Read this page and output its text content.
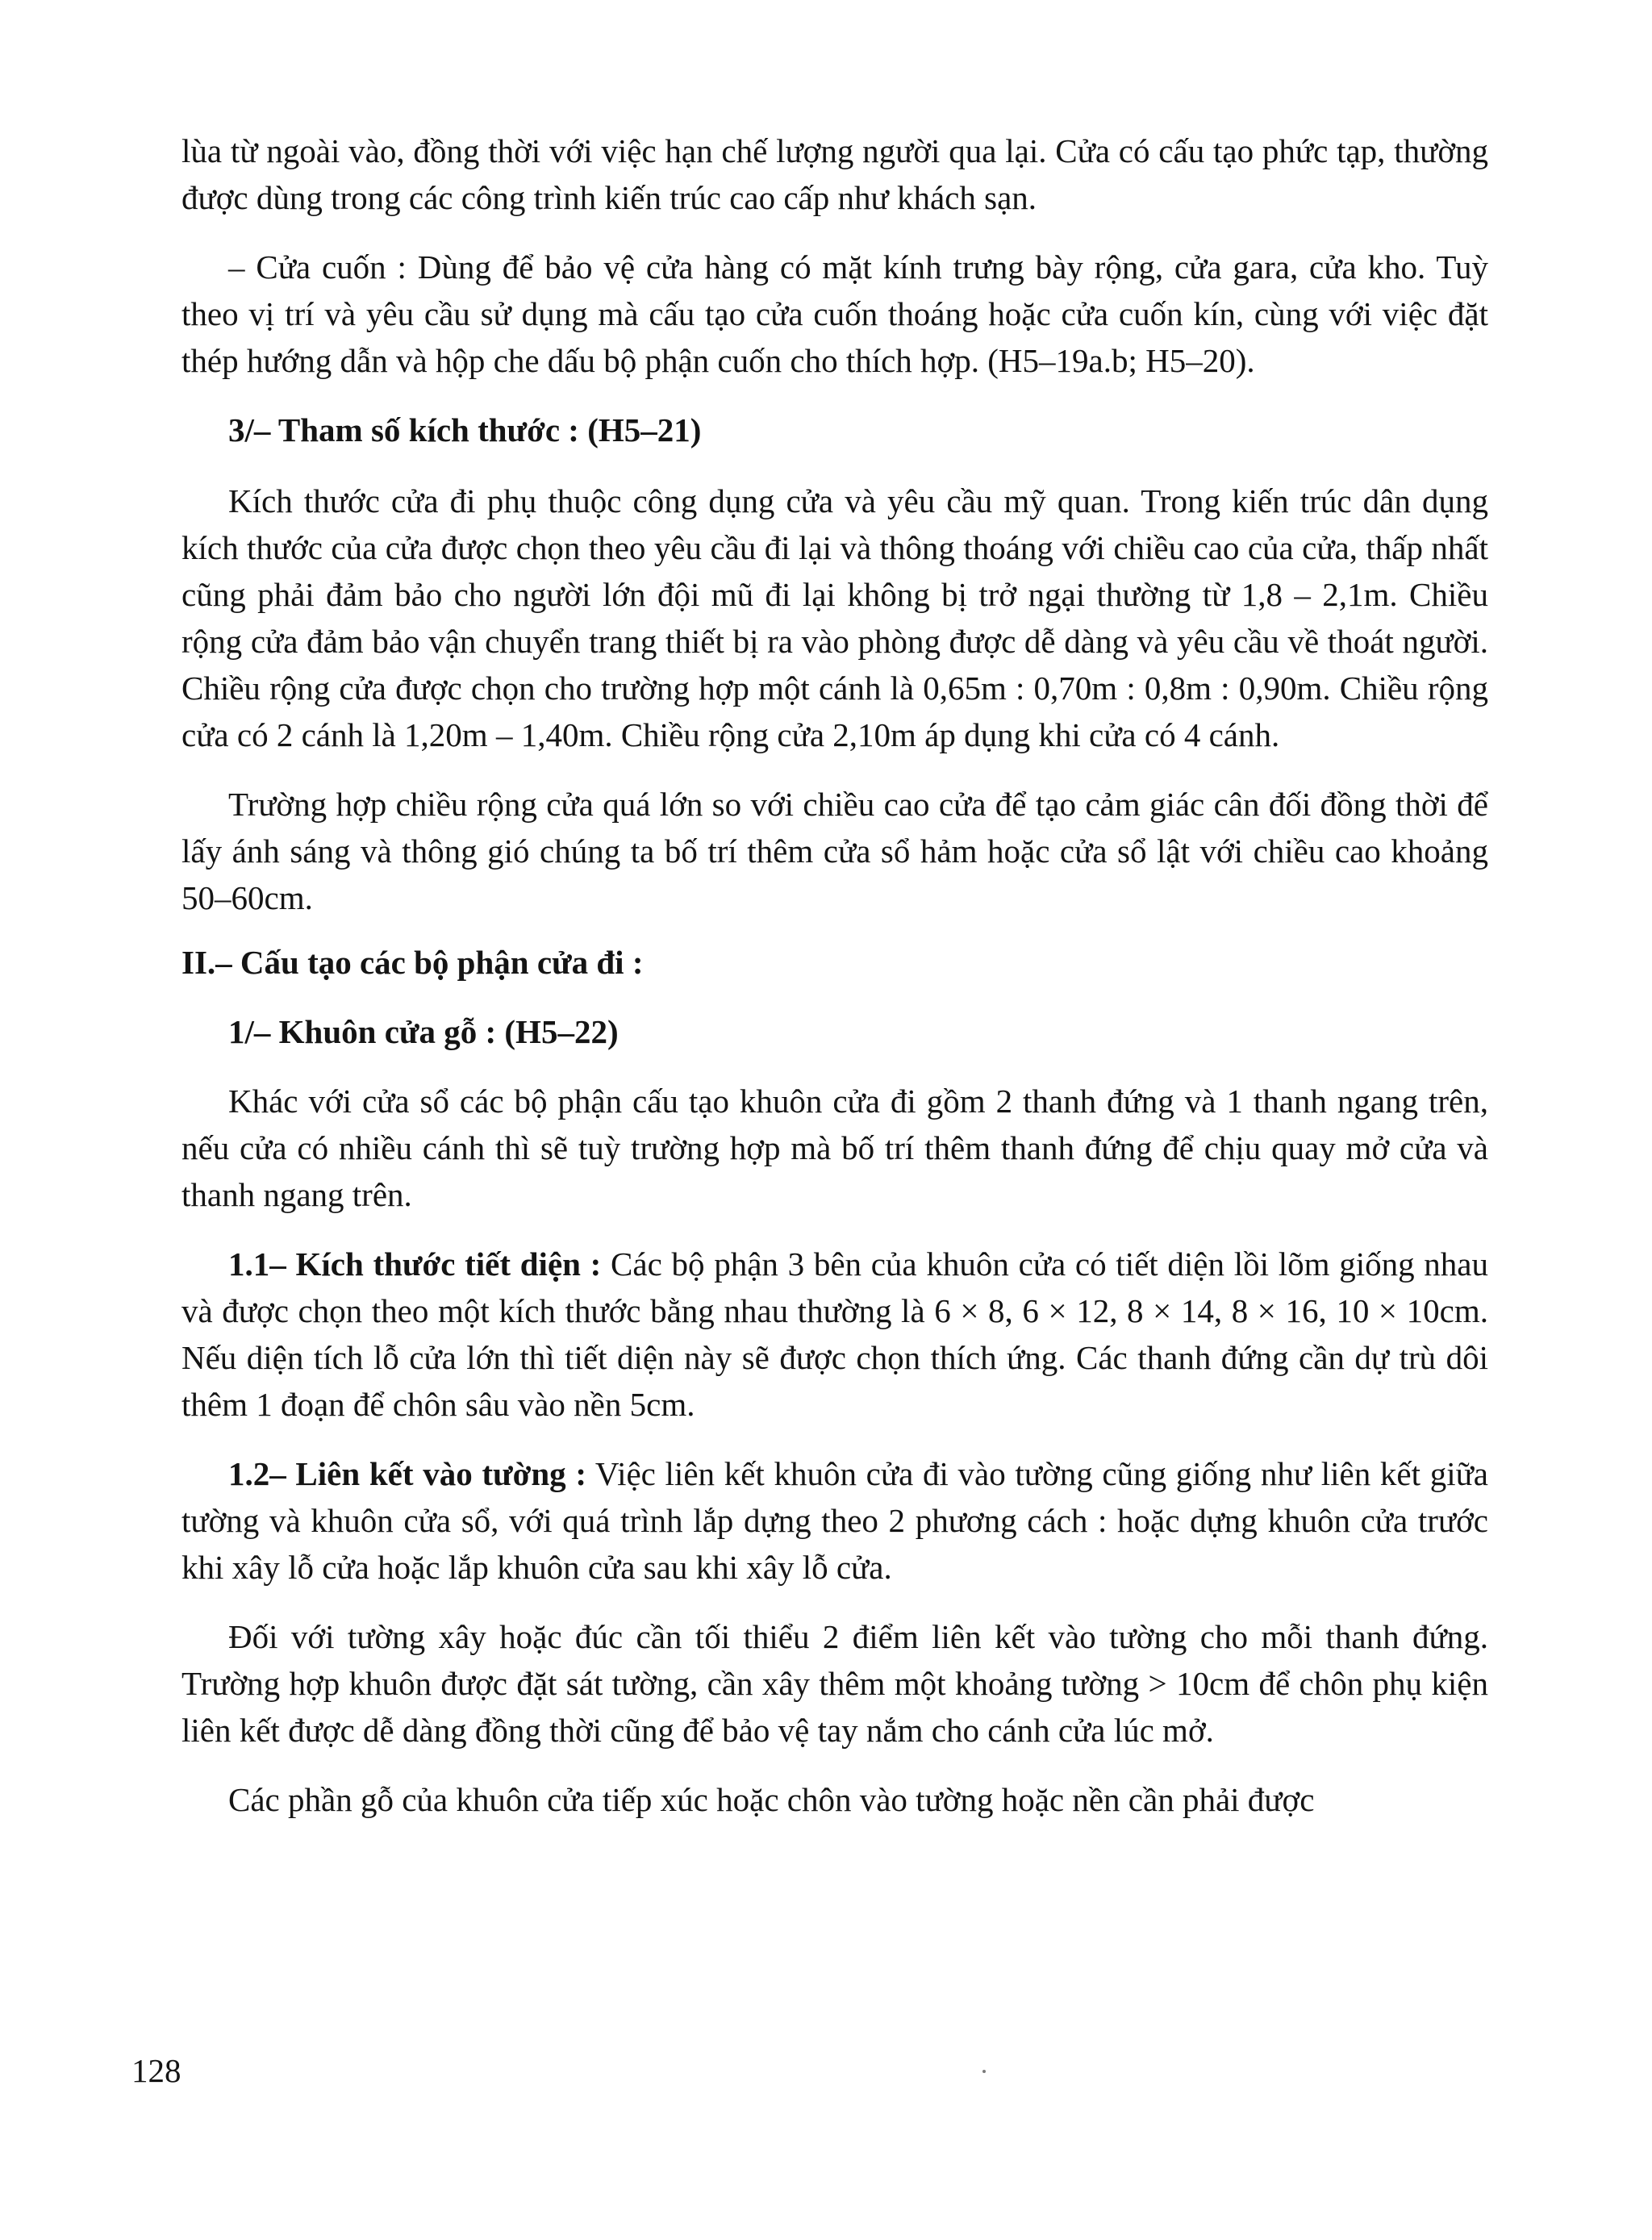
lùa từ ngoài vào, đồng thời với việc hạn chế lượng người qua lại. Cửa có cấu tạo phức tạp, thường được dùng trong các công trình kiến trúc cao cấp như khách sạn.

– Cửa cuốn : Dùng để bảo vệ cửa hàng có mặt kính trưng bày rộng, cửa gara, cửa kho. Tuỳ theo vị trí và yêu cầu sử dụng mà cấu tạo cửa cuốn thoáng hoặc cửa cuốn kín, cùng với việc đặt thép hướng dẫn và hộp che dấu bộ phận cuốn cho thích hợp. (H5–19a.b; H5–20).

3/– Tham số kích thước : (H5–21)

Kích thước cửa đi phụ thuộc công dụng cửa và yêu cầu mỹ quan. Trong kiến trúc dân dụng kích thước của cửa được chọn theo yêu cầu đi lại và thông thoáng với chiều cao của cửa, thấp nhất cũng phải đảm bảo cho người lớn đội mũ đi lại không bị trở ngại thường từ 1,8 – 2,1m. Chiều rộng cửa đảm bảo vận chuyển trang thiết bị ra vào phòng được dễ dàng và yêu cầu về thoát người. Chiều rộng cửa được chọn cho trường hợp một cánh là 0,65m : 0,70m : 0,8m : 0,90m. Chiều rộng cửa có 2 cánh là 1,20m – 1,40m. Chiều rộng cửa 2,10m áp dụng khi cửa có 4 cánh.

Trường hợp chiều rộng cửa quá lớn so với chiều cao cửa để tạo cảm giác cân đối đồng thời để lấy ánh sáng và thông gió chúng ta bố trí thêm cửa sổ hảm hoặc cửa sổ lật với chiều cao khoảng 50–60cm.

II.– Cấu tạo các bộ phận cửa đi :
1/– Khuôn cửa gỗ : (H5–22)

Khác với cửa sổ các bộ phận cấu tạo khuôn cửa đi gồm 2 thanh đứng và 1 thanh ngang trên, nếu cửa có nhiều cánh thì sẽ tuỳ trường hợp mà bố trí thêm thanh đứng để chịu quay mở cửa và thanh ngang trên.

1.1– Kích thước tiết diện : Các bộ phận 3 bên của khuôn cửa có tiết diện lồi lõm giống nhau và được chọn theo một kích thước bằng nhau thường là 6 × 8, 6 × 12, 8 × 14, 8 × 16, 10 × 10cm. Nếu diện tích lỗ cửa lớn thì tiết diện này sẽ được chọn thích ứng. Các thanh đứng cần dự trù dôi thêm 1 đoạn để chôn sâu vào nền 5cm.

1.2– Liên kết vào tường : Việc liên kết khuôn cửa đi vào tường cũng giống như liên kết giữa tường và khuôn cửa sổ, với quá trình lắp dựng theo 2 phương cách : hoặc dựng khuôn cửa trước khi xây lỗ cửa hoặc lắp khuôn cửa sau khi xây lỗ cửa.

Đối với tường xây hoặc đúc cần tối thiểu 2 điểm liên kết vào tường cho mỗi thanh đứng. Trường hợp khuôn được đặt sát tường, cần xây thêm một khoảng tường > 10cm để chôn phụ kiện liên kết được dễ dàng đồng thời cũng để bảo vệ tay nắm cho cánh cửa lúc mở.

Các phần gỗ của khuôn cửa tiếp xúc hoặc chôn vào tường hoặc nền cần phải được

128
